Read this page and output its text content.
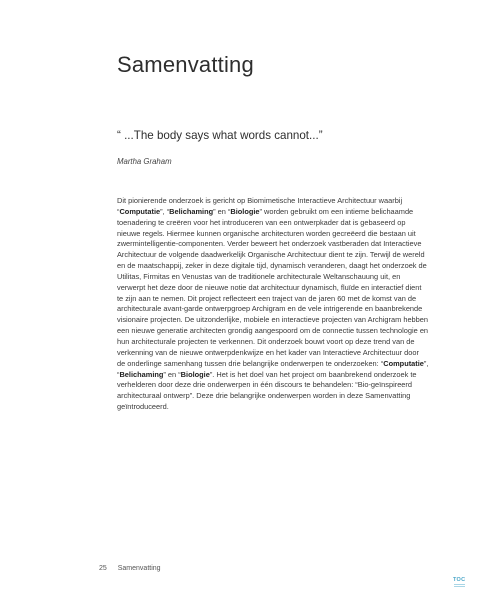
Samenvatting

“ ...The body says what words cannot...”

Martha Graham

Dit pionierende onderzoek is gericht op Biomimetische Interactieve Architectuur waarbij “Computatie”, “Belichaming” en “Biologie” worden gebruikt om een intieme belichaamde toenadering te creëren voor het introduceren van een ontwerpkader dat is gebaseerd op nieuwe regels. Hiermee kunnen organische architecturen worden gecreëerd die bestaan uit zwermintelligentie-componenten. Verder beweert het onderzoek vastberaden dat Interactieve Architectuur de volgende daadwerkelijk Organische Architectuur dient te zijn. Terwijl de wereld en de maatschappij, zeker in deze digitale tijd, dynamisch veranderen, daagt het onderzoek de Utilitas, Firmitas en Venustas van de traditionele architecturale Weltanschauung uit, en verwerpt het deze door de nieuwe notie dat architectuur dynamisch, fluïde en interactief dient te zijn aan te nemen. Dit project reflecteert een traject van de jaren 60 met de komst van de architecturale avant-garde ontwerpgroep Archigram en de vele intrigerende en baanbrekende visionaire projecten. De uitzonderlijke, mobiele en interactieve projecten van Archigram hebben een nieuwe generatie architecten grondig aangespoord om de connectie tussen technologie en hun architecturale projecten te verkennen. Dit onderzoek bouwt voort op deze trend van de verkenning van de nieuwe ontwerpdenkwijze en het kader van Interactieve Architectuur door de onderlinge samenhang tussen drie belangrijke onderwerpen te onderzoeken: “Computatie”, “Belichaming” en “Biologie”. Het is het doel van het project om baanbrekend onderzoek te verhelderen door deze drie onderwerpen in één discours te behandelen: “Bio-geïnspireerd architecturaal ontwerp”. Deze drie belangrijke onderwerpen worden in deze Samenvatting geïntroduceerd.

25 Samenvatting
TOC
